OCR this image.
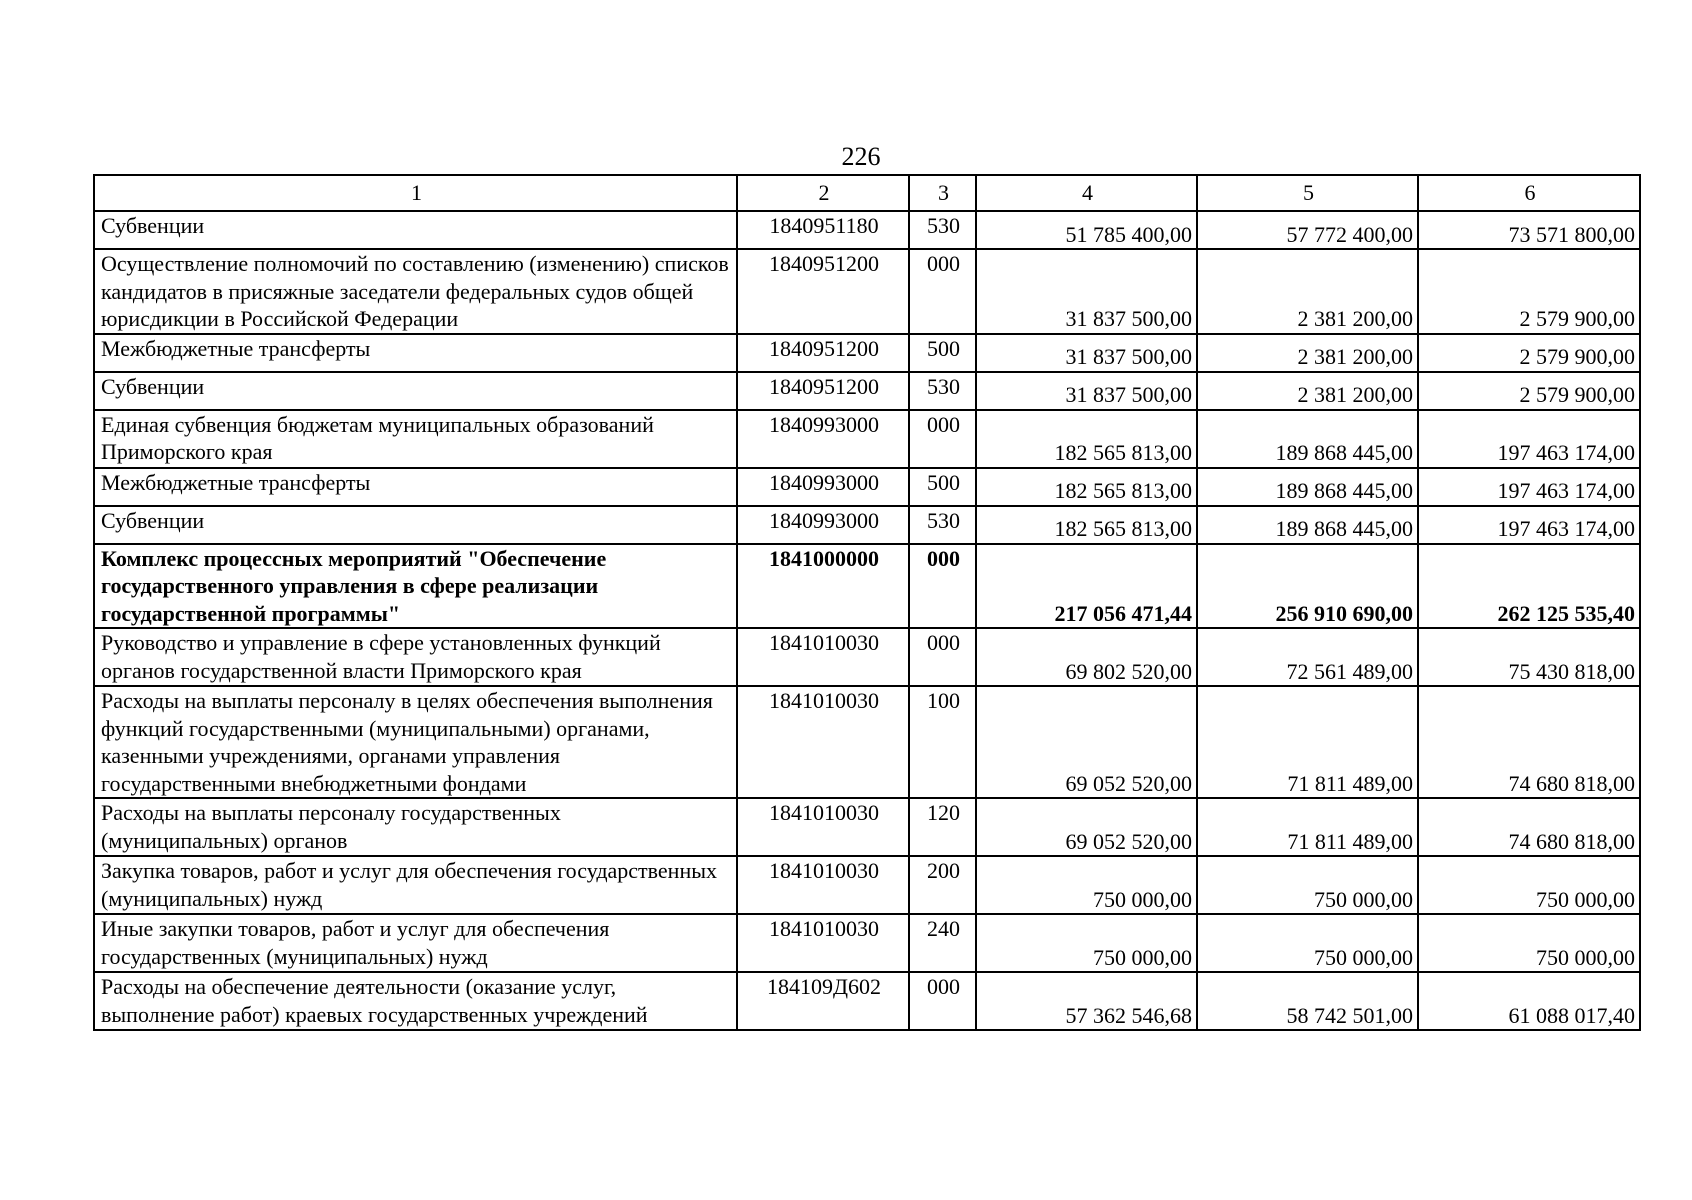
226
1	2	3	4	5	6
Субвенции	1840951180	530	51 785 400,00	57 772 400,00	73 571 800,00
Осуществление полномочий по составлению (изменению) списков кандидатов в присяжные заседатели федеральных судов общей юрисдикции в Российской Федерации	1840951200	000	31 837 500,00	2 381 200,00	2 579 900,00
Межбюджетные трансферты	1840951200	500	31 837 500,00	2 381 200,00	2 579 900,00
Субвенции	1840951200	530	31 837 500,00	2 381 200,00	2 579 900,00
Единая субвенция бюджетам муниципальных образований Приморского края	1840993000	000	182 565 813,00	189 868 445,00	197 463 174,00
Межбюджетные трансферты	1840993000	500	182 565 813,00	189 868 445,00	197 463 174,00
Субвенции	1840993000	530	182 565 813,00	189 868 445,00	197 463 174,00
Комплекс процессных мероприятий "Обеспечение государственного управления в сфере реализации государственной программы"	1841000000	000	217 056 471,44	256 910 690,00	262 125 535,40
Руководство и управление в сфере установленных функций органов государственной власти Приморского края	1841010030	000	69 802 520,00	72 561 489,00	75 430 818,00
Расходы на выплаты персоналу в целях обеспечения выполнения функций государственными (муниципальными) органами, казенными учреждениями, органами управления государственными внебюджетными фондами	1841010030	100	69 052 520,00	71 811 489,00	74 680 818,00
Расходы на выплаты персоналу государственных (муниципальных) органов	1841010030	120	69 052 520,00	71 811 489,00	74 680 818,00
Закупка товаров, работ и услуг для обеспечения государственных (муниципальных) нужд	1841010030	200	750 000,00	750 000,00	750 000,00
Иные закупки товаров, работ и услуг для обеспечения государственных (муниципальных) нужд	1841010030	240	750 000,00	750 000,00	750 000,00
Расходы на обеспечение деятельности (оказание услуг, выполнение работ) краевых государственных учреждений	184109Д602	000	57 362 546,68	58 742 501,00	61 088 017,40
